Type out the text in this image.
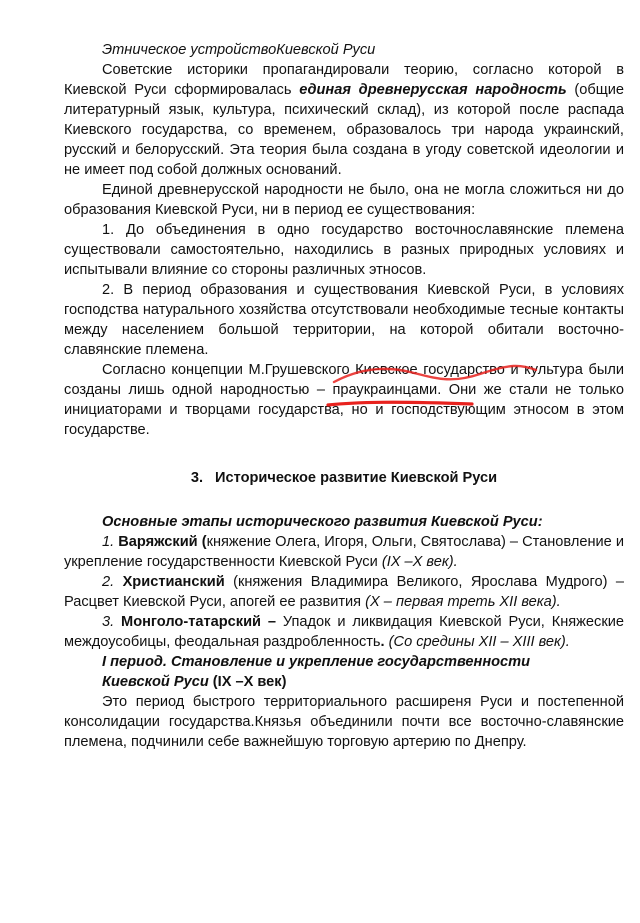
Этническое устройствоКиевской Руси

Советские историки пропагандировали теорию, согласно которой в Киевской Руси сформировалась единая древнерусская народность (общие литературный язык, культура, психический склад), из которой после распада Киевского государства, со временем, образовалось три народа украинский, русский и белорусский. Эта теория была создана в угоду советской идеологии и не имеет под собой должных оснований.

Единой древнерусской народности не было, она не могла сложиться ни до образования Киевской Руси, ни в период ее существования:

1. До объединения в одно государство восточнославянские племена существовали самостоятельно, находились в разных природных условиях и испытывали влияние со стороны различных этносов.

2. В период образования и существования Киевской Руси, в условиях господства натурального хозяйства отсутствовали необходимые тесные контакты между населением большой территории, на которой обитали восточно-славянские племена.

Согласно концепции М.Грушевского Киевское государство и культура были созданы лишь одной народностью – праукраинцами
. Они же стали не только инициаторами и творцами государства, но и господствующим этносом в этом государстве.

3. Историческое развитие Киевской Руси

Основные этапы исторического развития Киевской Руси:

1. Варяжский (княжение Олега, Игоря, Ольги, Святослава) – Становление и укрепление государственности Киевской Руси (IX –X век).

2. Христианский (княжения Владимира Великого, Ярослава Мудрого) – Расцвет Киевской Руси, апогей ее развития (X – первая треть XII века).

3. Монголо-татарский – Упадок и ликвидация Киевской Руси, Княжеские междоусобицы, феодальная раздробленность. (Со средины XII – XIII век).

I период. Становление и укрепление государственности
Киевской Руси (IX –X век)

Это период быстрого территориального расширеня Руси и постепенной консолидации государства.Князья объединили почти все восточно-славянские племена, подчинили себе важнейшую торговую артерию по Днепру.
